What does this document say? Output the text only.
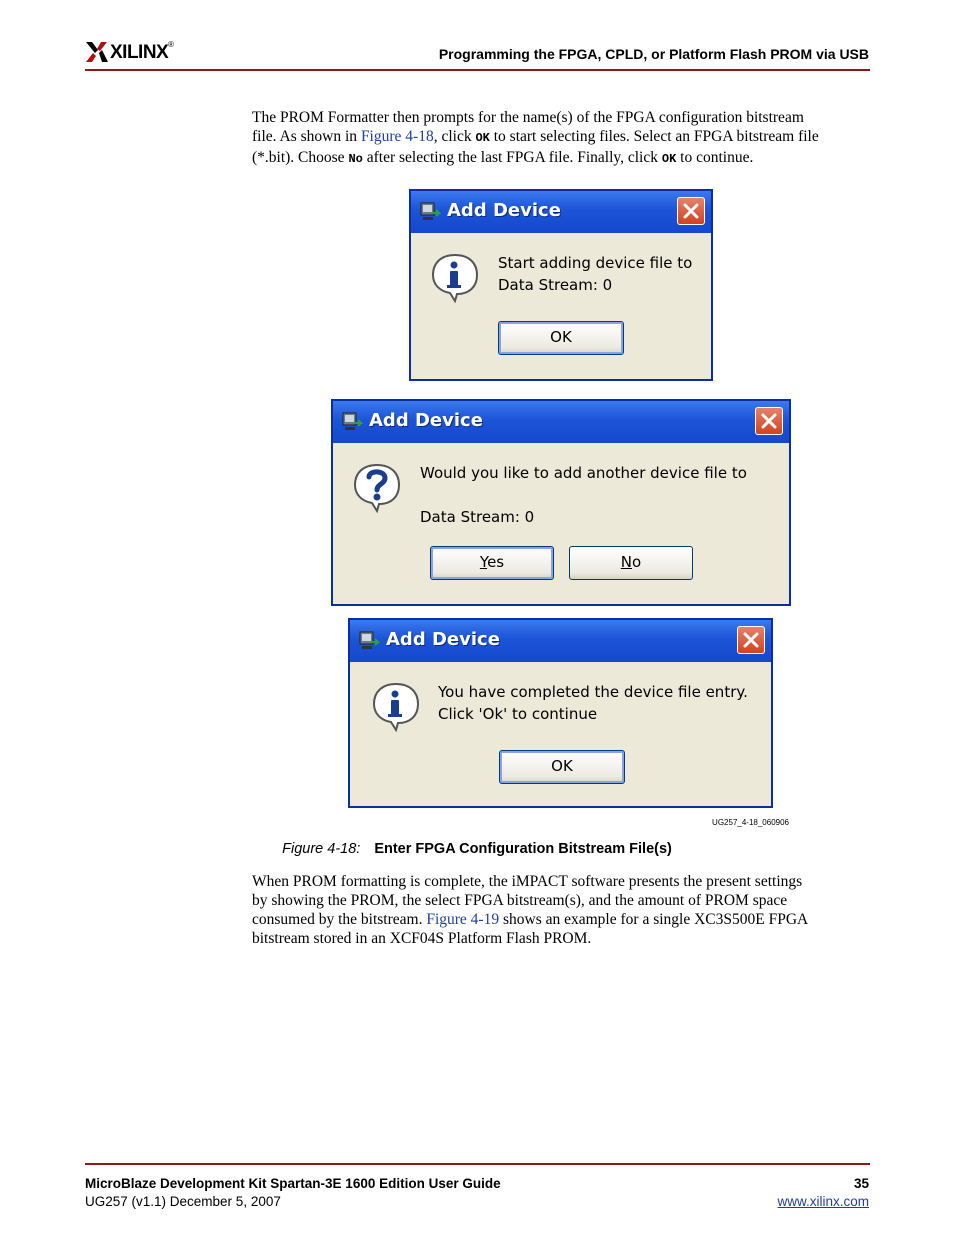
XILINX ®
Programming the FPGA, CPLD, or Platform Flash PROM via USB
The PROM Formatter then prompts for the name(s) of the FPGA configuration bitstream
file. As shown in Figure 4-18, click OK to start selecting files. Select an FPGA bitstream file
(*.bit). Choose No after selecting the last FPGA file. Finally, click OK to continue.
Add Device
Start adding device file to
Data Stream: 0
OK
Add Device
Would you like to add another device file to
Data Stream: 0
Yes	No
Add Device
You have completed the device file entry.
Click 'Ok' to continue
OK
UG257_4-18_060906
Figure 4-18: Enter FPGA Configuration Bitstream File(s)
When PROM formatting is complete, the iMPACT software presents the present settings
by showing the PROM, the select FPGA bitstream(s), and the amount of PROM space
consumed by the bitstream. Figure 4-19 shows an example for a single XC3S500E FPGA
bitstream stored in an XCF04S Platform Flash PROM.
MicroBlaze Development Kit Spartan-3E 1600 Edition User Guide
UG257 (v1.1) December 5, 2007
35
www.xilinx.com
